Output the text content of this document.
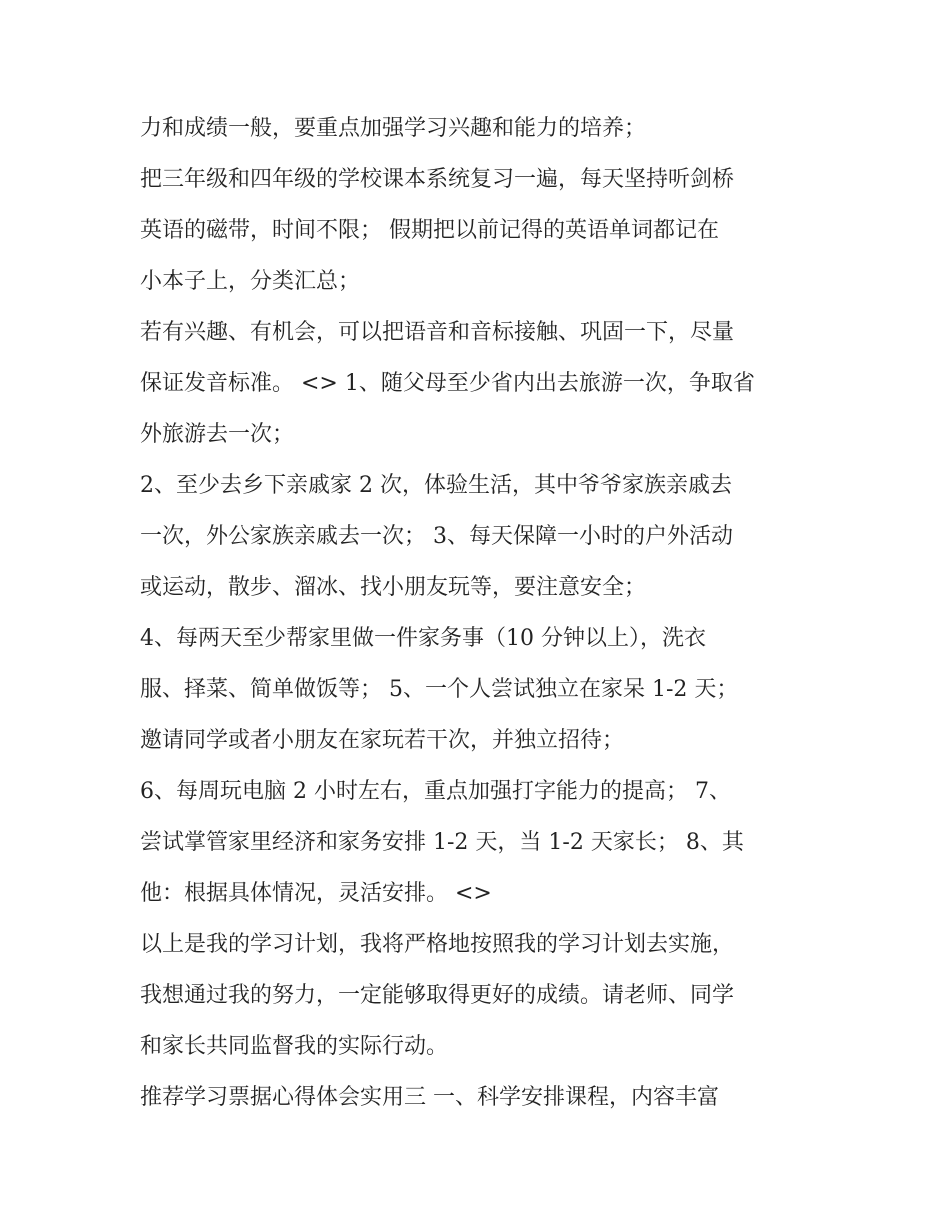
力和成绩一般，要重点加强学习兴趣和能力的培养；
把三年级和四年级的学校课本系统复习一遍，每天坚持听剑桥
英语的磁带，时间不限； 假期把以前记得的英语单词都记在
小本子上，分类汇总；
若有兴趣、有机会，可以把语音和音标接触、巩固一下，尽量
保证发音标准。 <> 1、随父母至少省内出去旅游一次，争取省
外旅游去一次；
2、至少去乡下亲戚家 2 次，体验生活，其中爷爷家族亲戚去
一次，外公家族亲戚去一次； 3、每天保障一小时的户外活动
或运动，散步、溜冰、找小朋友玩等，要注意安全；
4、每两天至少帮家里做一件家务事（10 分钟以上），洗衣
服、择菜、简单做饭等； 5、一个人尝试独立在家呆 1-2 天；
邀请同学或者小朋友在家玩若干次，并独立招待；
6、每周玩电脑 2 小时左右，重点加强打字能力的提高； 7、
尝试掌管家里经济和家务安排 1-2 天，当 1-2 天家长； 8、其
他：根据具体情况，灵活安排。 <>
以上是我的学习计划，我将严格地按照我的学习计划去实施，
我想通过我的努力，一定能够取得更好的成绩。请老师、同学
和家长共同监督我的实际行动。
推荐学习票据心得体会实用三 一、科学安排课程，内容丰富
